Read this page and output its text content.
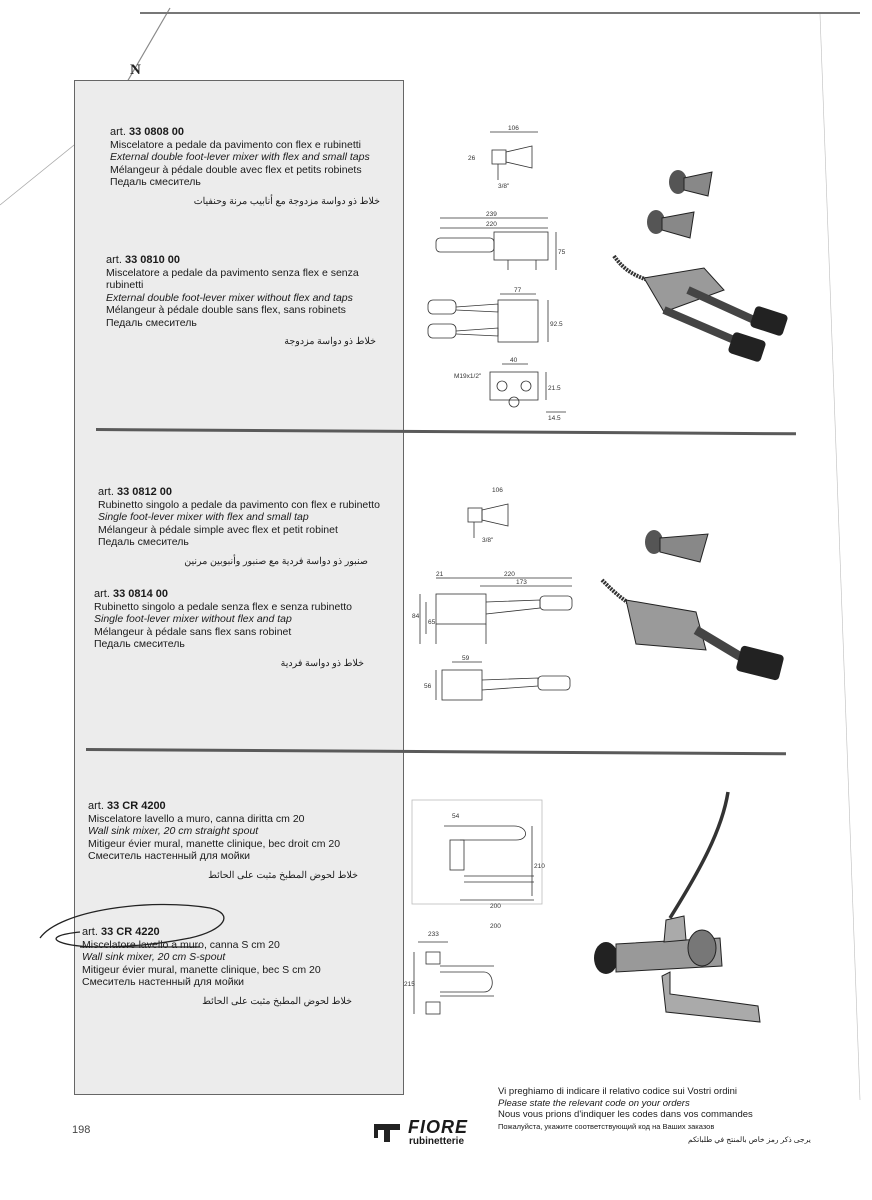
N
art. 33 0808 00
Miscelatore a pedale da pavimento con flex e rubinetti
External double foot-lever mixer with flex and small taps
Mélangeur à pédale double avec flex et petits robinets
Педаль смеситель
خلاط ذو دواسة مزدوجة مع أنابيب مرنة وحنفيات
art. 33 0810 00
Miscelatore a pedale da pavimento senza flex e senza rubinetti
External double foot-lever mixer without flex and taps
Mélangeur à pédale double sans flex, sans robinets
Педаль смеситель
خلاط ذو دواسة مزدوجة
106
26
3/8"
239
220
75
77
92.5
40
M19x1/2"
21.5
14.5
art. 33 0812 00
Rubinetto singolo a pedale da pavimento con flex e rubinetto
Single foot-lever mixer with flex and small tap
Mélangeur à pédale simple avec flex et petit robinet
Педаль смеситель
صنبور ذو دواسة فردية مع صنبور وأنبوبين مرنين
art. 33 0814 00
Rubinetto singolo a pedale senza flex e senza rubinetto
Single foot-lever mixer without flex and tap
Mélangeur à pédale sans flex sans robinet
Педаль смеситель
خلاط ذو دواسة فردية
106
3/8"
21	220
173
84
65
59
56
art. 33 CR 4200
Miscelatore lavello a muro, canna diritta cm 20
Wall sink mixer, 20 cm straight spout
Mitigeur évier mural, manette clinique, bec droit cm 20
Смеситель настенный для мойки
خلاط لحوض المطبخ مثبت على الحائط
art. 33 CR 4220
Miscelatore lavello a muro, canna S cm 20
Wall sink mixer, 20 cm S-spout
Mitigeur évier mural, manette clinique, bec S cm 20
Смеситель настенный для мойки
خلاط لحوض المطبخ مثبت على الحائط
54
210
200
233
200
215
Vi preghiamo di indicare il relativo codice sui Vostri ordini
Please state the relevant code on your orders
Nous vous prions d'indiquer les codes dans vos commandes
Пожалуйста, укажите соответствующий код на Ваших заказов
يرجى ذكر رمز خاص بالمنتج في طلباتكم
198	FIORE
rubinetterie
